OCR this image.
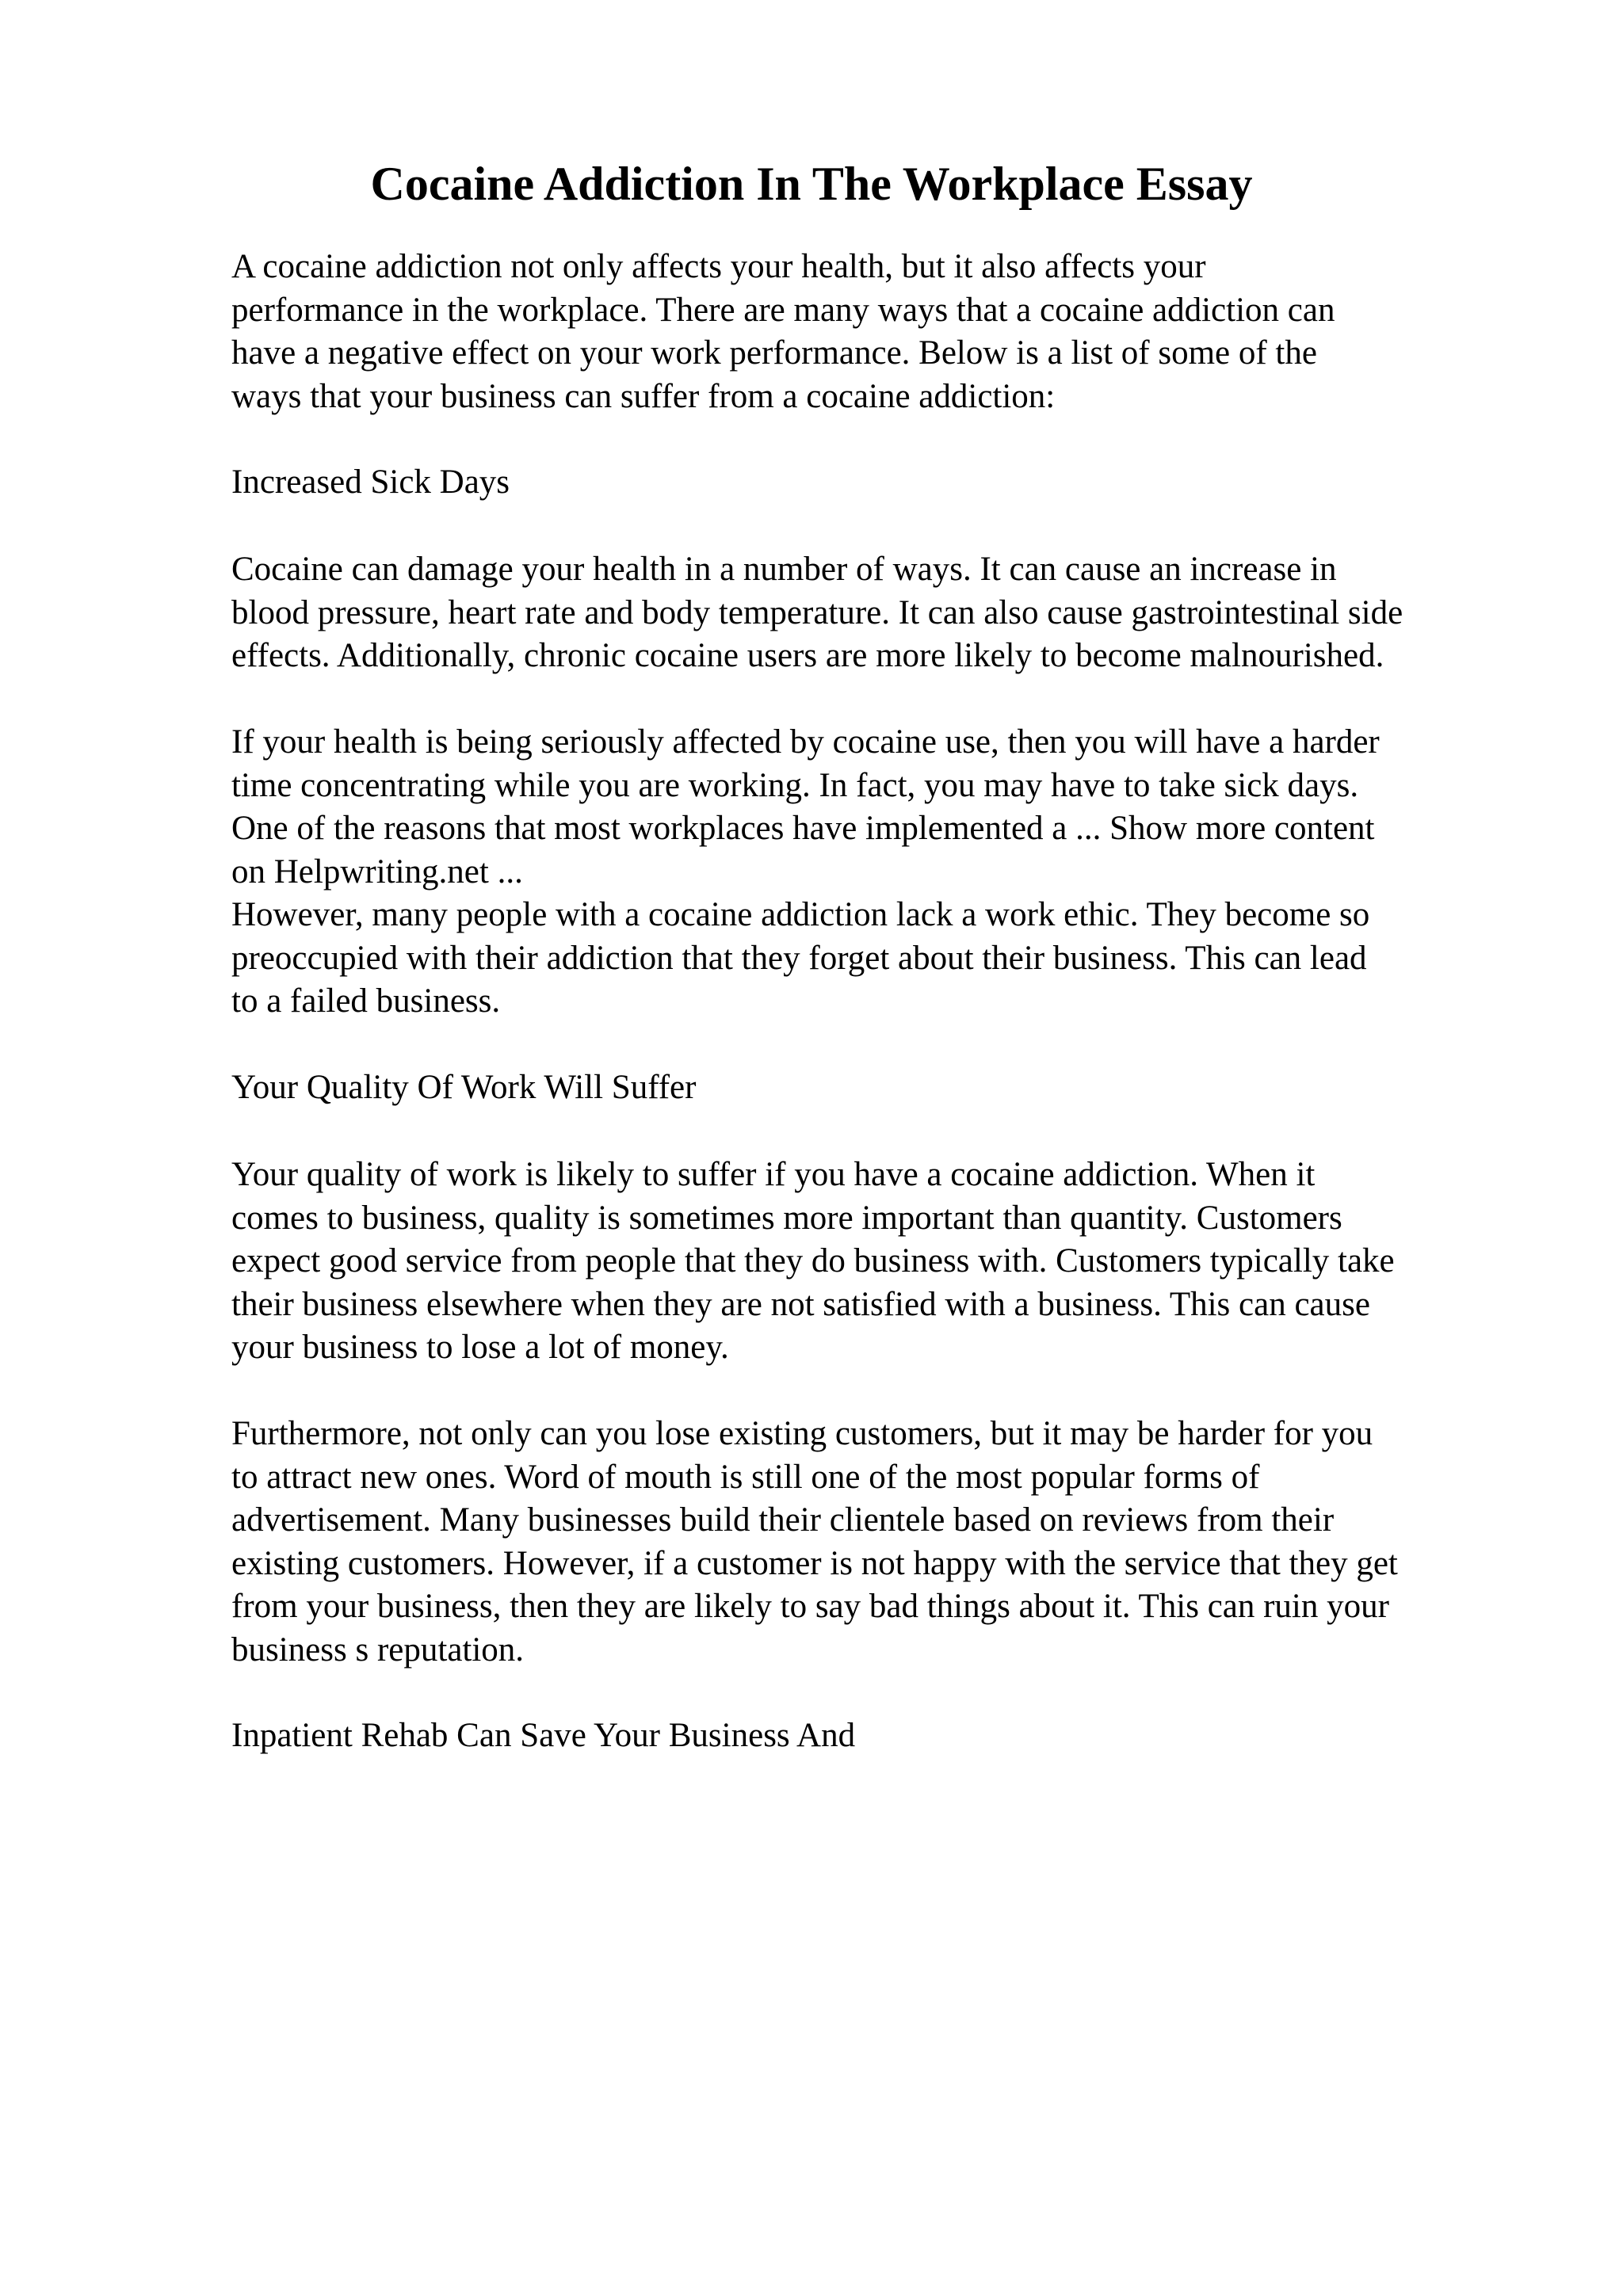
Cocaine Addiction In The Workplace Essay
A cocaine addiction not only affects your health, but it also affects your
performance in the workplace. There are many ways that a cocaine addiction can
have a negative effect on your work performance. Below is a list of some of the
ways that your business can suffer from a cocaine addiction:
Increased Sick Days
Cocaine can damage your health in a number of ways. It can cause an increase in
blood pressure, heart rate and body temperature. It can also cause gastrointestinal side
effects. Additionally, chronic cocaine users are more likely to become malnourished.
If your health is being seriously affected by cocaine use, then you will have a harder
time concentrating while you are working. In fact, you may have to take sick days.
One of the reasons that most workplaces have implemented a ... Show more content
on Helpwriting.net ...
However, many people with a cocaine addiction lack a work ethic. They become so
preoccupied with their addiction that they forget about their business. This can lead
to a failed business.
Your Quality Of Work Will Suffer
Your quality of work is likely to suffer if you have a cocaine addiction. When it
comes to business, quality is sometimes more important than quantity. Customers
expect good service from people that they do business with. Customers typically take
their business elsewhere when they are not satisfied with a business. This can cause
your business to lose a lot of money.
Furthermore, not only can you lose existing customers, but it may be harder for you
to attract new ones. Word of mouth is still one of the most popular forms of
advertisement. Many businesses build their clientele based on reviews from their
existing customers. However, if a customer is not happy with the service that they get
from your business, then they are likely to say bad things about it. This can ruin your
business s reputation.
Inpatient Rehab Can Save Your Business And
